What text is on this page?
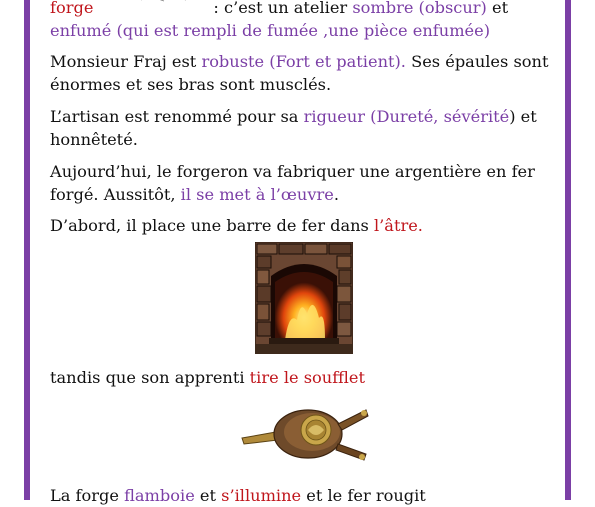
forge	: c’est un atelier sombre (obscur) et
enfumé (qui est rempli de fumée ,une pièce enfumée)
Monsieur Fraj est robuste (Fort et patient). Ses épaules sont
énormes et ses bras sont musclés.
L’artisan est renommé pour sa rigueur (Dureté, sévérité) et
honnêteté.
Aujourd’hui, le forgeron va fabriquer une argentière en fer
forgé. Aussitôt, il se met à l’œuvre.
D’abord, il place une barre de fer dans l’âtre.
tandis que son apprenti tire le soufflet
La forge flamboie et s’illumine et le fer rougit
